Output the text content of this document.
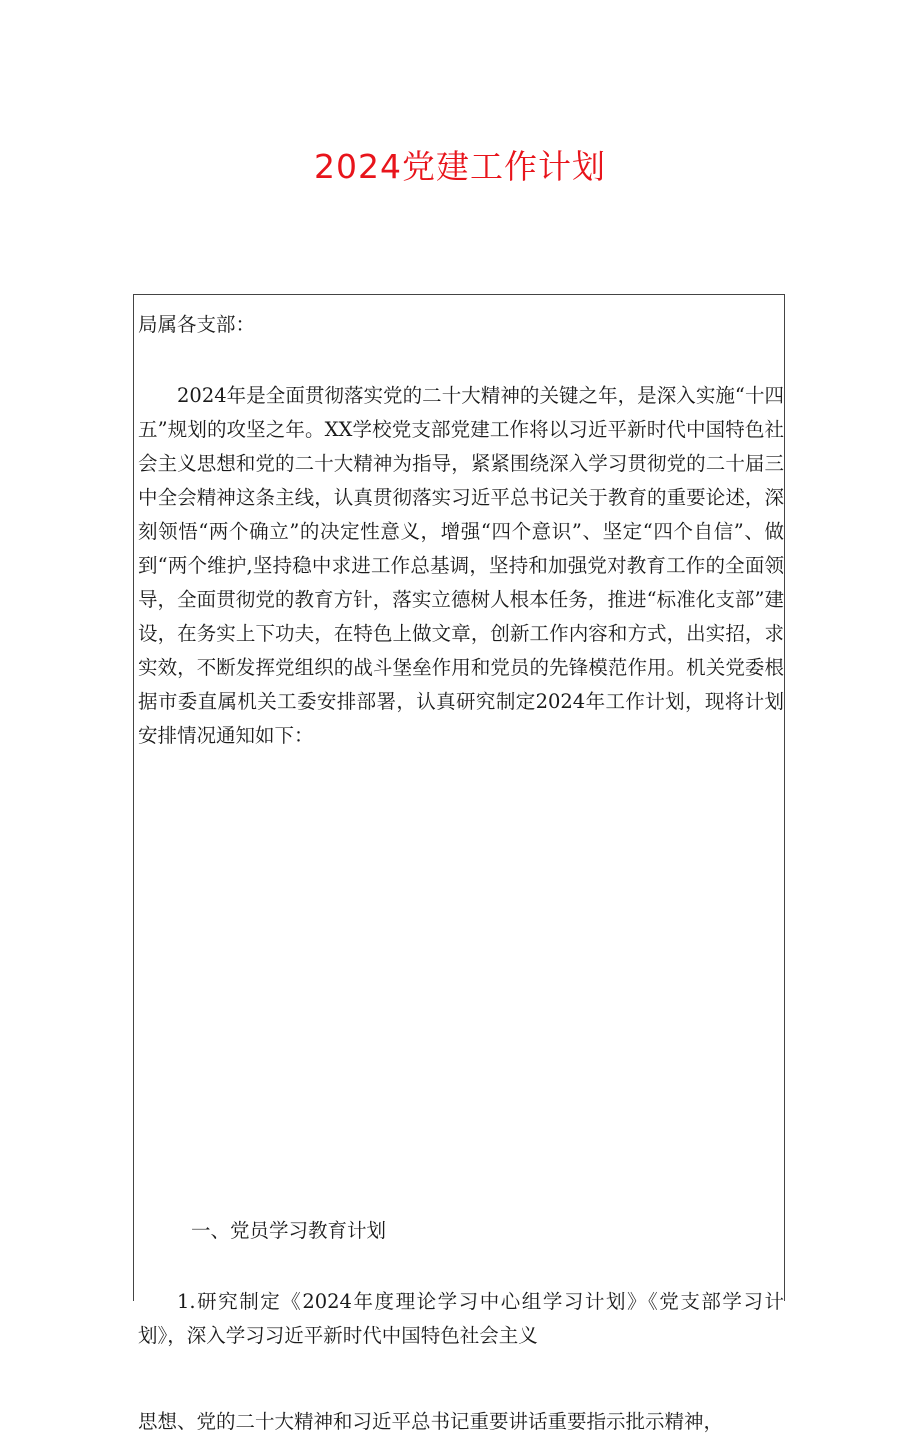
2024党建工作计划

局属各支部：

2024年是全面贯彻落实党的二十大精神的关键之年，是深入实施“十四五”规划的攻坚之年。XX学校党支部党建工作将以习近平新时代中国特色社会主义思想和党的二十大精神为指导，紧紧围绕深入学习贯彻党的二十届三中全会精神这条主线，认真贯彻落实习近平总书记关于教育的重要论述，深刻领悟“两个确立”的决定性意义，增强“四个意识”、坚定“四个自信”、做到“两个维护,坚持稳中求进工作总基调，坚持和加强党对教育工作的全面领导，全面贯彻党的教育方针，落实立德树人根本任务，推进“标准化支部”建设，在务实上下功夫，在特色上做文章，创新工作内容和方式，出实招，求实效，不断发挥党组织的战斗堡垒作用和党员的先锋模范作用。机关党委根据市委直属机关工委安排部署，认真研究制定2024年工作计划，现将计划安排情况通知如下：

一、党员学习教育计划

1.研究制定《2024年度理论学习中心组学习计划》《党支部学习计划》，深入学习习近平新时代中国特色社会主义

思想、党的二十大精神和习近平总书记重要讲话重要指示批示精神，
